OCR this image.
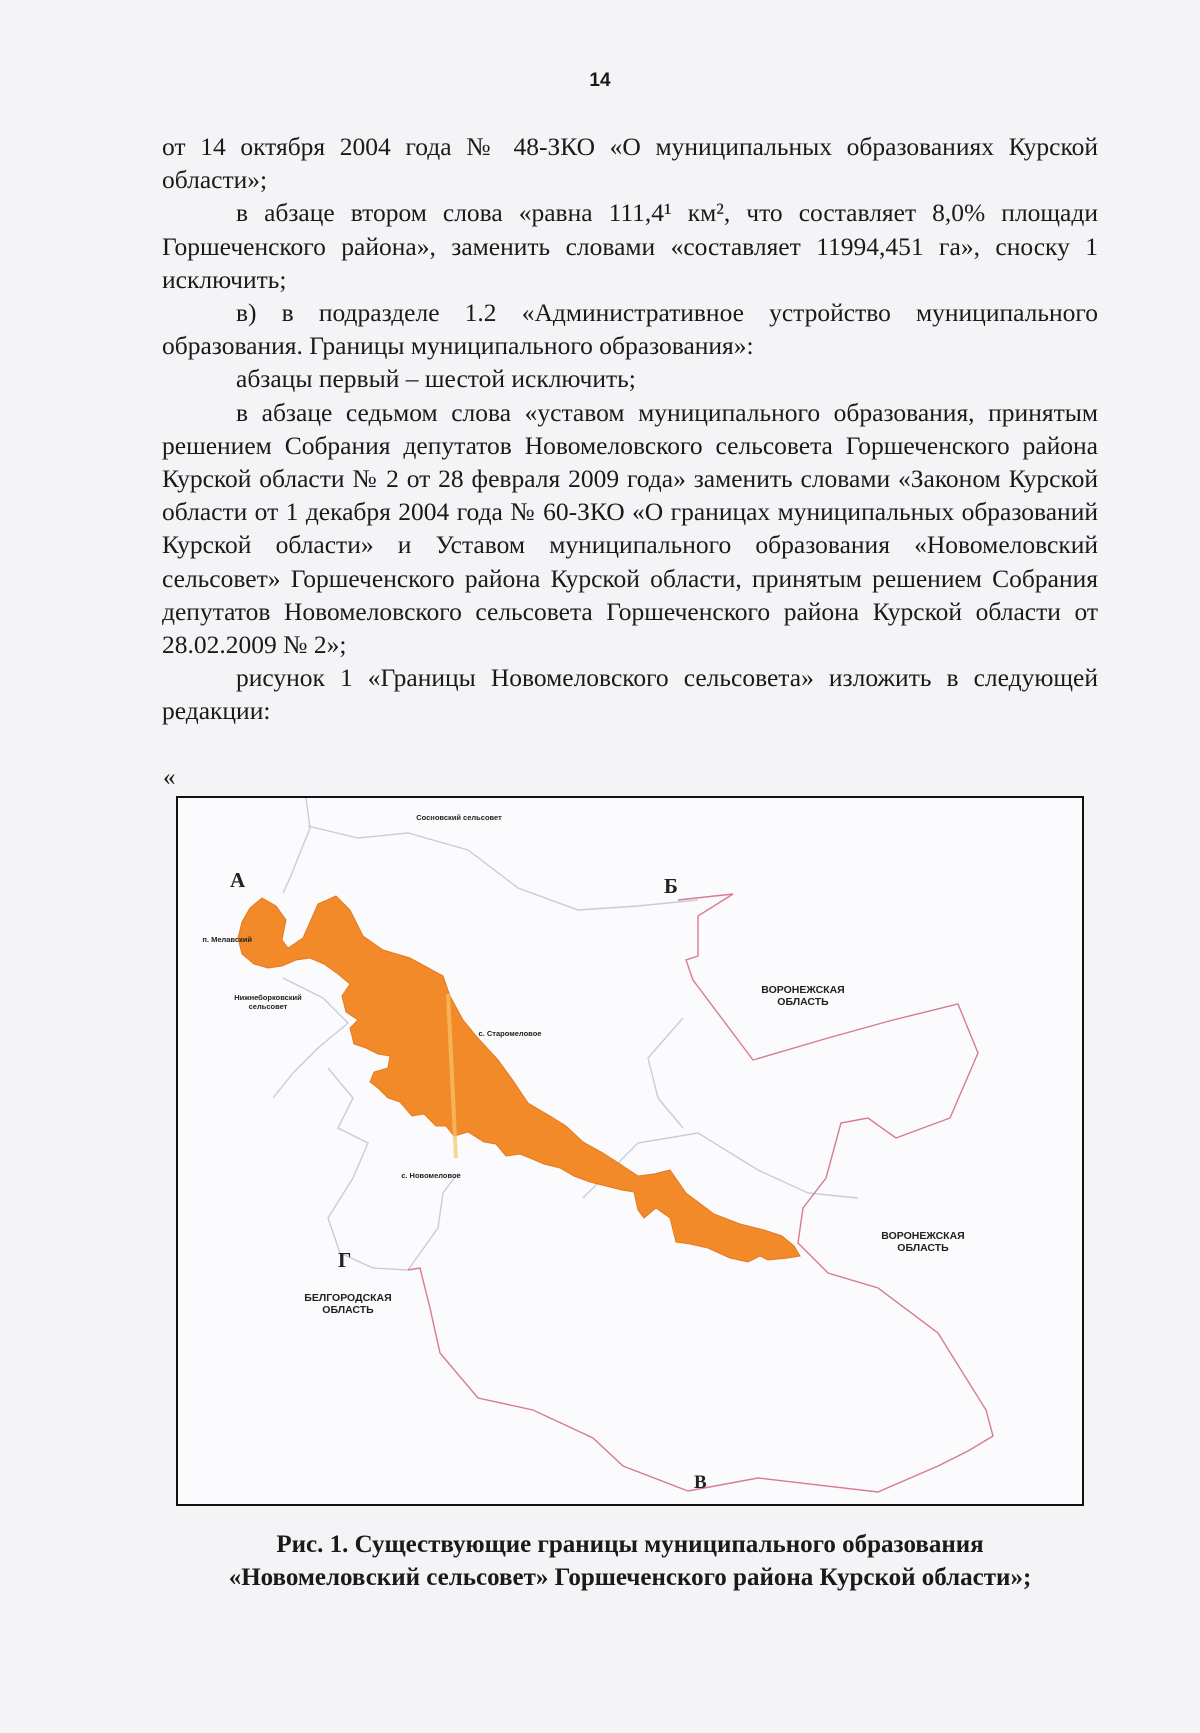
14

от 14 октября 2004 года № 48-ЗКО «О муниципальных образованиях Курской области»;

в абзаце втором слова «равна 111,4¹ км², что составляет 8,0% площади Горшеченского района», заменить словами «составляет 11994,451 га», сноску 1 исключить;

в) в подразделе 1.2 «Административное устройство муниципального образования. Границы муниципального образования»:

абзацы первый – шестой исключить;

в абзаце седьмом слова «уставом муниципального образования, принятым решением Собрания депутатов Новомеловского сельсовета Горшеченского района Курской области № 2 от 28 февраля 2009 года» заменить словами «Законом Курской области от 1 декабря 2004 года № 60-ЗКО «О границах муниципальных образований Курской области» и Уставом муниципального образования «Новомеловский сельсовет» Горшеченского района Курской области, принятым решением Собрания депутатов Новомеловского сельсовета Горшеченского района Курской области от 28.02.2009 № 2»;

рисунок 1 «Границы Новомеловского сельсовета» изложить в следующей редакции:

«
Сосновский сельсовет
А	Б
п. Мелавский
Нижнеборковский сельсовет
ВОРОНЕЖСКАЯ ОБЛАСТЬ
с. Старомеловое
с. Новомеловое
ВОРОНЕЖСКАЯ ОБЛАСТЬ
Г
БЕЛГОРОДСКАЯ ОБЛАСТЬ
В
Рис. 1. Существующие границы муниципального образования
«Новомеловский сельсовет» Горшеченского района Курской области»;
